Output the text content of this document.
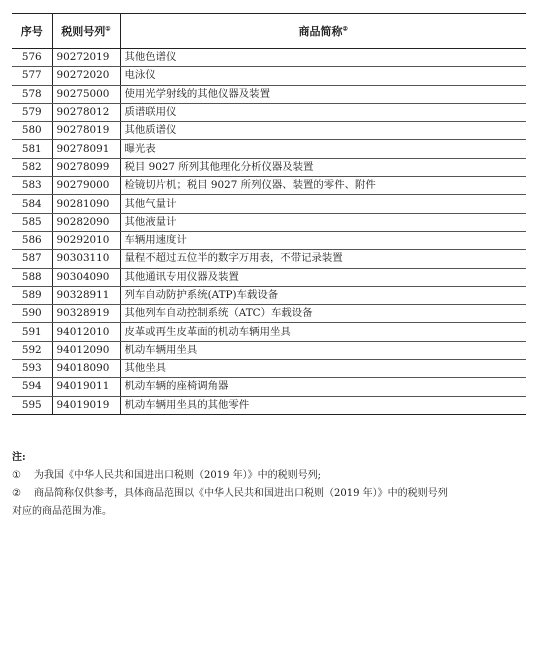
序号	税则号列①	商品简称②
576	90272019	其他色谱仪
577	90272020	电泳仪
578	90275000	使用光学射线的其他仪器及装置
579	90278012	质谱联用仪
580	90278019	其他质谱仪
581	90278091	曝光表
582	90278099	税目 9027 所列其他理化分析仪器及装置
583	90279000	检镜切片机；税目 9027 所列仪器、装置的零件、附件
584	90281090	其他气量计
585	90282090	其他液量计
586	90292010	车辆用速度计
587	90303110	量程不超过五位半的数字万用表，不带记录装置
588	90304090	其他通讯专用仪器及装置
589	90328911	列车自动防护系统(ATP)车载设备
590	90328919	其他列车自动控制系统（ATC）车载设备
591	94012010	皮革或再生皮革面的机动车辆用坐具
592	94012090	机动车辆用坐具
593	94018090	其他坐具
594	94019011	机动车辆的座椅调角器
595	94019019	机动车辆用坐具的其他零件
注:

① 为我国《中华人民共和国进出口税则（2019 年）》中的税则号列;

② 商品简称仅供参考，具体商品范围以《中华人民共和国进出口税则（2019 年）》中的税则号列

对应的商品范围为准。
